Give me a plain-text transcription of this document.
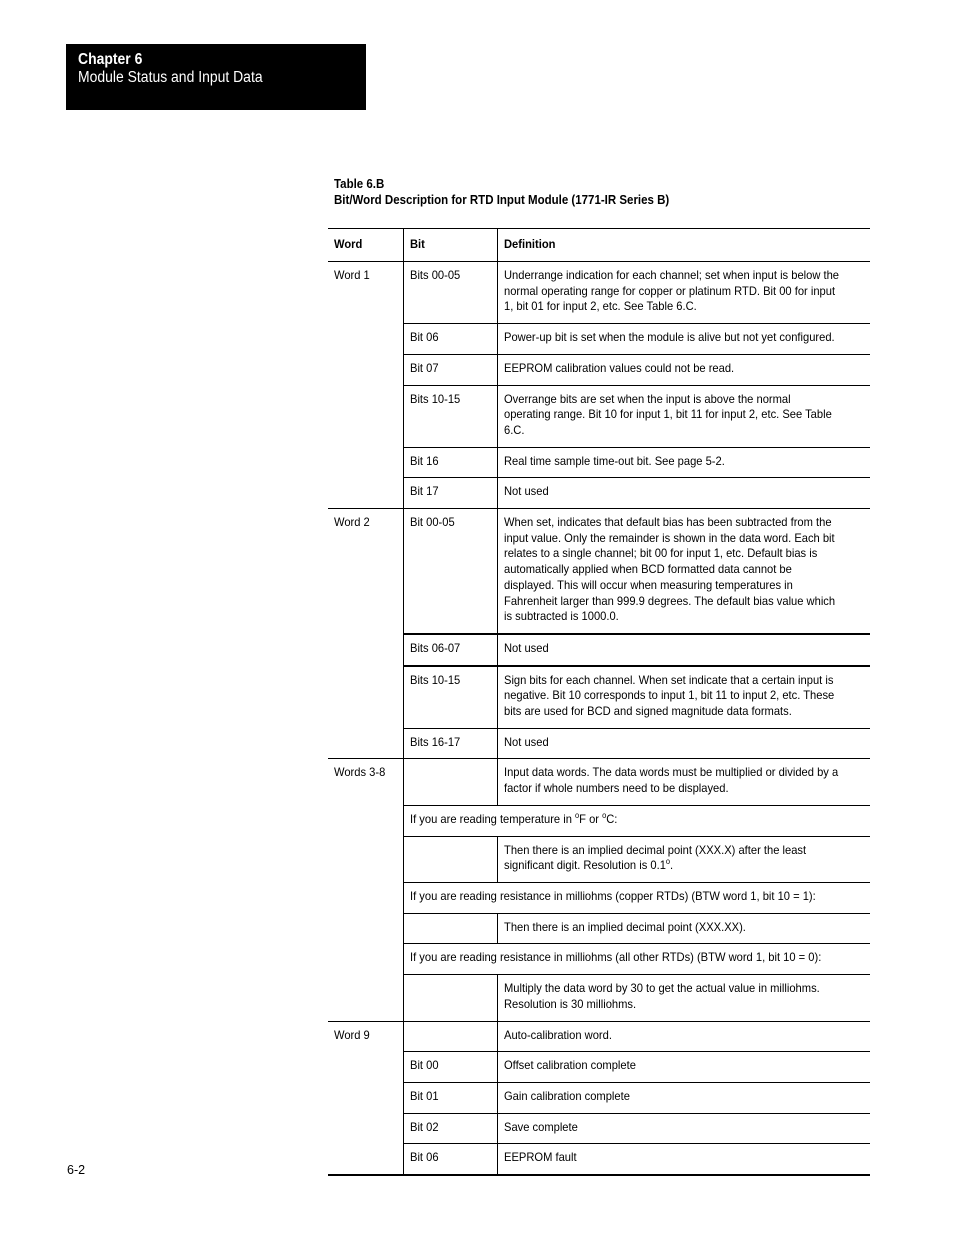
Chapter 6
Module Status and Input Data
Table 6.B
Bit/Word Description for RTD Input Module (1771-IR Series B)
Word	Bit	Definition

Word 1	Bits 00-05	Underrange indication for each channel; set when input is below the normal operating range for copper or platinum RTD. Bit 00 for input 1, bit 01 for input 2, etc. See Table 6.C.

	Bit 06	Power-up bit is set when the module is alive but not yet configured.

	Bit 07	EEPROM calibration values could not be read.

	Bits 10-15	Overrange bits are set when the input is above the normal operating range. Bit 10 for input 1, bit 11 for input 2, etc. See Table 6.C.

	Bit 16	Real time sample time-out bit. See page 5-2.

	Bit 17	Not used

Word 2	Bit 00-05	When set, indicates that default bias has been subtracted from the input value. Only the remainder is shown in the data word. Each bit relates to a single channel; bit 00 for input 1, etc. Default bias is automatically applied when BCD formatted data cannot be displayed. This will occur when measuring temperatures in Fahrenheit larger than 999.9 degrees. The default bias value which is subtracted is 1000.0.

	Bits 06-07	Not used

	Bits 10-15	Sign bits for each channel. When set indicate that a certain input is negative. Bit 10 corresponds to input 1, bit 11 to input 2, etc. These bits are used for BCD and signed magnitude data formats.

	Bits 16-17	Not used

Words 3-8		Input data words. The data words must be multiplied or divided by a factor if whole numbers need to be displayed.

	If you are reading temperature in $^o$F or $^o$C:	

		Then there is an implied decimal point (XXX.X) after the least significant digit. Resolution is 0.1$^o$.

	If you are reading resistance in milliohms (copper RTDs) (BTW word 1, bit 10 = 1):	

		Then there is an implied decimal point (XXX.XX).

	If you are reading resistance in milliohms (all other RTDs) (BTW word 1, bit 10 = 0):	

		Multiply the data word by 30 to get the actual value in milliohms. Resolution is 30 milliohms.

Word 9		Auto-calibration word.

	Bit 00	Offset calibration complete

	Bit 01	Gain calibration complete

	Bit 02	Save complete

	Bit 06	EEPROM fault
6-2
